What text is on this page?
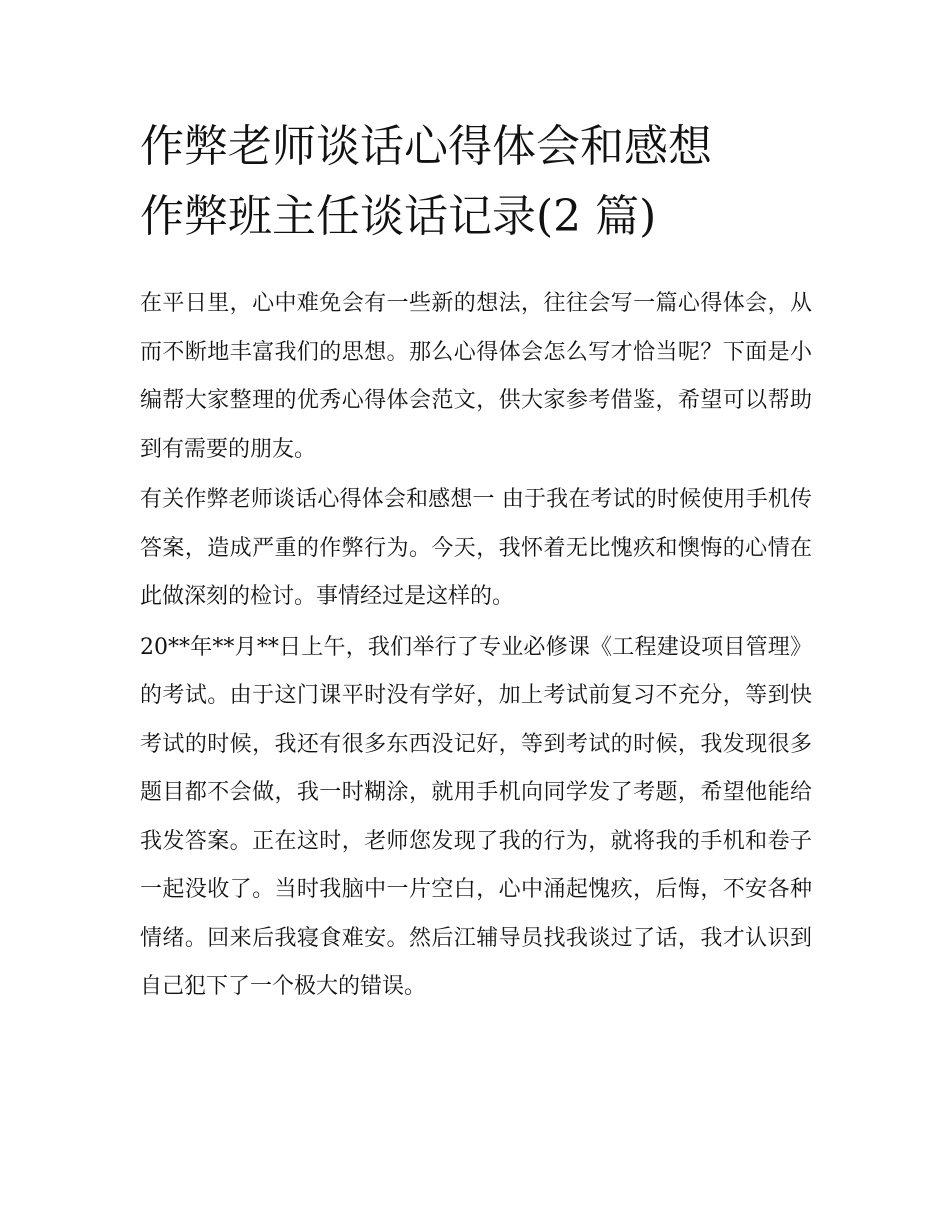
作弊老师谈话心得体会和感想
作弊班主任谈话记录(2 篇)

在平日里，心中难免会有一些新的想法，往往会写一篇心得体会，从而不断地丰富我们的思想。那么心得体会怎么写才恰当呢？下面是小编帮大家整理的优秀心得体会范文，供大家参考借鉴，希望可以帮助到有需要的朋友。

有关作弊老师谈话心得体会和感想一 由于我在考试的时候使用手机传答案，造成严重的作弊行为。今天，我怀着无比愧疚和懊悔的心情在此做深刻的检讨。事情经过是这样的。

20**年**月**日上午，我们举行了专业必修课《工程建设项目管理》的考试。由于这门课平时没有学好，加上考试前复习不充分，等到快考试的时候，我还有很多东西没记好，等到考试的时候，我发现很多题目都不会做，我一时糊涂，就用手机向同学发了考题，希望他能给我发答案。正在这时，老师您发现了我的行为，就将我的手机和卷子一起没收了。当时我脑中一片空白，心中涌起愧疚，后悔，不安各种情绪。回来后我寝食难安。然后江辅导员找我谈过了话，我才认识到自己犯下了一个极大的错误。
